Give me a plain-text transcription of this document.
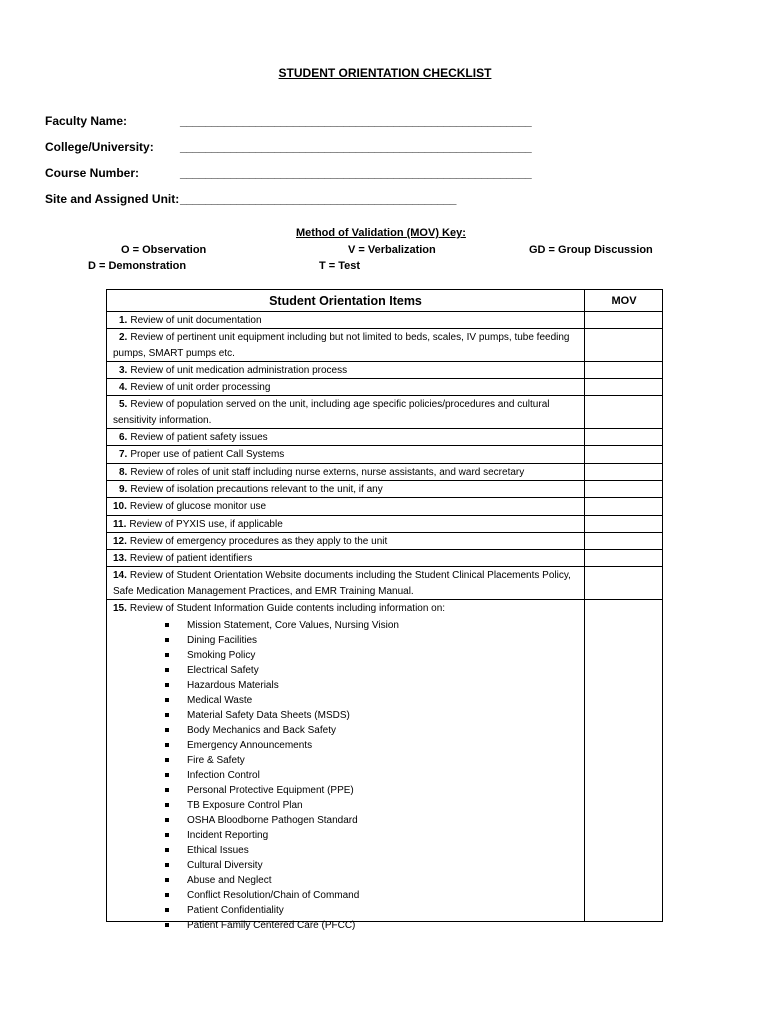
STUDENT ORIENTATION CHECKLIST
Faculty Name:	________________________________________________________
College/University: ________________________________________________________
Course Number:	________________________________________________________
Site and Assigned Unit: ____________________________________________
Method of Validation (MOV) Key:
O = Observation	V = Verbalization	GD = Group Discussion
D = Demonstration	T = Test
Student Orientation Items	MOV
1. Review of unit documentation
2. Review of pertinent unit equipment including but not limited to beds, scales, IV pumps, tube feeding pumps, SMART pumps etc.
3. Review of unit medication administration process
4. Review of unit order processing
5. Review of population served on the unit, including age specific policies/procedures and cultural sensitivity information.
6. Review of patient safety issues
7. Proper use of patient Call Systems
8. Review of roles of unit staff including nurse externs, nurse assistants, and ward secretary
9. Review of isolation precautions relevant to the unit, if any
10. Review of glucose monitor use
11. Review of PYXIS use, if applicable
12. Review of emergency procedures as they apply to the unit
13. Review of patient identifiers
14. Review of Student Orientation Website documents including the Student Clinical Placements Policy, Safe Medication Management Practices, and EMR Training Manual.
15. Review of Student Information Guide contents including information on:
Mission Statement, Core Values, Nursing Vision
Dining Facilities
Smoking Policy
Electrical Safety
Hazardous Materials
Medical Waste
Material Safety Data Sheets (MSDS)
Body Mechanics and Back Safety
Emergency Announcements
Fire & Safety
Infection Control
Personal Protective Equipment (PPE)
TB Exposure Control Plan
OSHA Bloodborne Pathogen Standard
Incident Reporting
Ethical Issues
Cultural Diversity
Abuse and Neglect
Conflict Resolution/Chain of Command
Patient Confidentiality
Patient Family Centered Care (PFCC)
